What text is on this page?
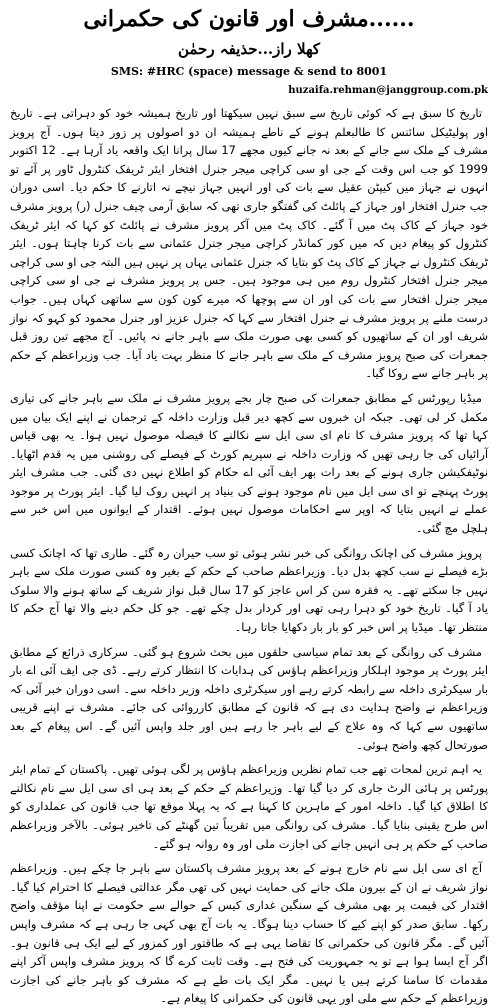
مشرف اور قانون کی حکمرانی......
کھلا راز...حذیفہ رحمٰن
SMS: #HRC (space) message & send to 8001
huzaifa.rehman@janggroup.com.pk

تاریخ کا سبق ہے کہ کوئی تاریخ سے سبق نہیں سیکھتا اور تاریخ ہمیشہ خود کو دہراتی ہے۔ تاریخ اور پولیٹیکل سائنس کا طالبعلم ہونے کے ناطے ہمیشہ ان دو اصولوں پر زور دیتا ہوں۔ آج پرویز مشرف کے ملک سے جانے کے بعد نہ جانے کیوں مجھے 17 سال پرانا ایک واقعہ یاد آرہا ہے۔ 12 اکتوبر 1999 کو جب اس وقت کے جی او سی کراچی میجر جنرل افتخار ایئر ٹریفک کنٹرول ٹاور پر آئے تو انہوں نے جہاز میں کیپٹن عقیل سے بات کی اور انہیں جہاز نیچے نہ اتارنے کا حکم دیا۔ اسی دوران جب جنرل افتخار اور جہاز کے پائلٹ کی گفتگو جاری تھی کہ سابق آرمی چیف جنرل (ر) پرویز مشرف خود جہاز کے کاک پٹ میں آ گئے۔ کاک پٹ میں آکر پرویز مشرف نے پائلٹ کو کہا کہ ایئر ٹریفک کنٹرول کو پیغام دیں کہ میں کور کمانڈر کراچی میجر جنرل عثمانی سے بات کرنا چاہتا ہوں۔ ایئر ٹریفک کنٹرول نے جہاز کے کاک پٹ کو بتایا کہ جنرل عثمانی یہاں پر نہیں ہیں البتہ جی او سی کراچی میجر جنرل افتخار کنٹرول روم میں ہی موجود ہیں۔ جس پر پرویز مشرف نے جی او سی کراچی میجر جنرل افتخار سے بات کی اور ان سے پوچھا کہ میرے کون کون سے ساتھی کہاں ہیں۔ جواب درست ملنے پر پرویز مشرف نے جنرل افتخار سے کہا کہ جنرل عزیز اور جنرل محمود کو کہو کہ نواز شریف اور ان کے ساتھیوں کو کسی بھی صورت ملک سے باہر جانے نہ پائیں۔ آج مجھے تین روز قبل جمعرات کی صبح پرویز مشرف کے ملک سے باہر جانے کا منظر بہت یاد آیا۔ جب وزیراعظم کے حکم پر باہر جانے سے روکا گیا۔

میڈیا رپورٹس کے مطابق جمعرات کی صبح چار بجے پرویز مشرف نے ملک سے باہر جانے کی تیاری مکمل کر لی تھی۔ جبکہ ان خبروں سے کچھ دیر قبل وزارت داخلہ کے ترجمان نے اپنے ایک بیان میں کہا تھا کہ پرویز مشرف کا نام ای سی ایل سے نکالنے کا فیصلہ موصول نہیں ہوا۔ یہ بھی قیاس آرائیاں کی جا رہی تھیں کہ وزارت داخلہ نے سپریم کورٹ کے فیصلے کی روشنی میں یہ قدم اٹھایا۔ نوٹیفکیشن جاری ہونے کے بعد رات بھر ایف آئی اے حکام کو اطلاع نہیں دی گئی۔ جب مشرف ایئر پورٹ پہنچے تو ای سی ایل میں نام موجود ہونے کی بنیاد پر انہیں روک لیا گیا۔ ایئر پورٹ پر موجود عملے نے انہیں بتایا کہ اوپر سے احکامات موصول نہیں ہوئے۔ اقتدار کے ایوانوں میں اس خبر سے ہلچل مچ گئی۔

پرویز مشرف کی اچانک روانگی کی خبر نشر ہوئی تو سب حیران رہ گئے۔ طاری تھا کہ اچانک کسی بڑے فیصلے نے سب کچھ بدل دیا۔ وزیراعظم صاحب کے حکم کے بغیر وہ کسی صورت ملک سے باہر نہیں جا سکتے تھے۔ یہ فقرہ سن کر اس عاجز کو 17 سال قبل نواز شریف کے ساتھ ہونے والا سلوک یاد آ گیا۔ تاریخ خود کو دہرا رہی تھی اور کردار بدل چکے تھے۔ جو کل حکم دینے والا تھا آج حکم کا منتظر تھا۔ میڈیا پر اس خبر کو بار بار دکھایا جاتا رہا۔

مشرف کی روانگی کے بعد تمام سیاسی حلقوں میں بحث شروع ہو گئی۔ سرکاری ذرائع کے مطابق ایئر پورٹ پر موجود اہلکار وزیراعظم ہاؤس کی ہدایات کا انتظار کرتے رہے۔ ڈی جی ایف آئی اے بار بار سیکرٹری داخلہ سے رابطہ کرتے رہے اور سیکرٹری داخلہ وزیر داخلہ سے۔ اسی دوران خبر آئی کہ وزیراعظم نے واضح ہدایت دی ہے کہ قانون کے مطابق کارروائی کی جائے۔ مشرف نے اپنے قریبی ساتھیوں سے کہا کہ وہ علاج کے لیے باہر جا رہے ہیں اور جلد واپس آئیں گے۔ اس پیغام کے بعد صورتحال کچھ واضح ہوئی۔

یہ اہم ترین لمحات تھے جب تمام نظریں وزیراعظم ہاؤس پر لگی ہوئی تھیں۔ پاکستان کے تمام ایئر پورٹس پر ہائی الرٹ جاری کر دیا گیا تھا۔ وزیراعظم کے حکم کے بعد ہی ای سی ایل سے نام نکالنے کا اطلاق کیا گیا۔ داخلہ امور کے ماہرین کا کہنا ہے کہ یہ پہلا موقع تھا جب قانون کی عملداری کو اس طرح یقینی بنایا گیا۔ مشرف کی روانگی میں تقریباً تین گھنٹے کی تاخیر ہوئی۔ بالآخر وزیراعظم صاحب کے حکم پر ہی انہیں جانے کی اجازت ملی اور وہ روانہ ہو گئے۔

آج ای سی ایل سے نام خارج ہونے کے بعد پرویز مشرف پاکستان سے باہر جا چکے ہیں۔ وزیراعظم نواز شریف نے ان کے بیرون ملک جانے کی حمایت نہیں کی تھی مگر عدالتی فیصلے کا احترام کیا گیا۔ اقتدار کی قیمت پر بھی مشرف کے سنگین غداری کیس کے حوالے سے حکومت نے اپنا مؤقف واضح رکھا۔ سابق صدر کو اپنے کیے کا حساب دینا ہوگا۔ یہ بات آج بھی کہی جا رہی ہے کہ مشرف واپس آئیں گے۔ مگر قانون کی حکمرانی کا تقاضا یہی ہے کہ طاقتور اور کمزور کے لیے ایک ہی قانون ہو۔ اگر آج ایسا ہوا ہے تو یہ جمہوریت کی فتح ہے۔ وقت ثابت کرے گا کہ پرویز مشرف واپس آکر اپنے مقدمات کا سامنا کرتے ہیں یا نہیں۔ مگر ایک بات طے ہے کہ مشرف کو باہر جانے کی اجازت وزیراعظم کے حکم سے ملی اور یہی قانون کی حکمرانی کا پیغام ہے۔
